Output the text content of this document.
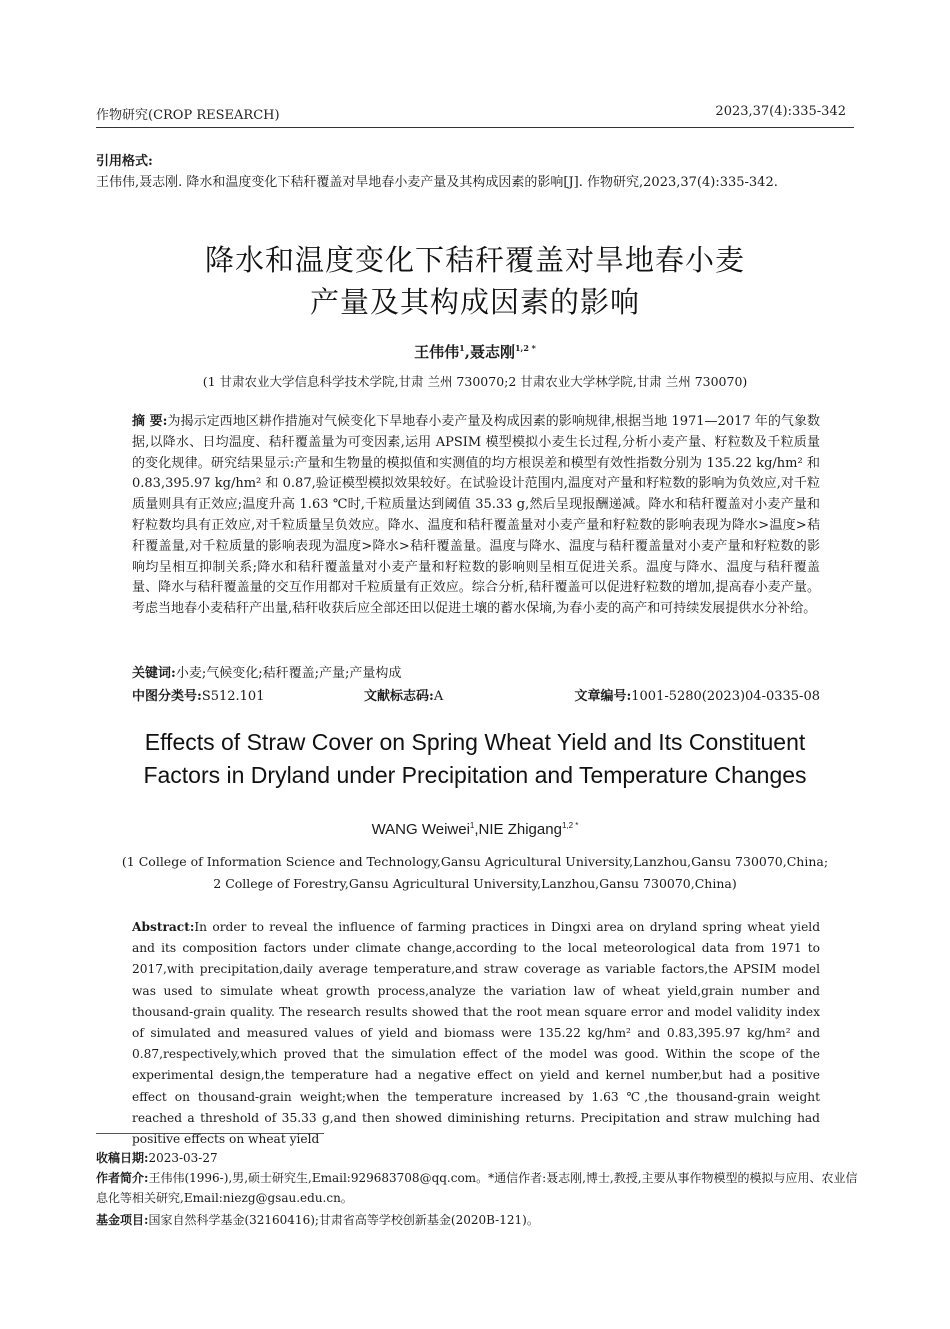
作物研究(CROP RESEARCH)	2023,37(4):335-342
引用格式:
王伟伟,聂志刚. 降水和温度变化下秸秆覆盖对旱地春小麦产量及其构成因素的影响[J]. 作物研究,2023,37(4):335-342.
降水和温度变化下秸秆覆盖对旱地春小麦
产量及其构成因素的影响
王伟伟$^1$,聂志刚$^{1,2 *}$
(1 甘肃农业大学信息科学技术学院,甘肃 兰州 730070;2 甘肃农业大学林学院,甘肃 兰州 730070)
摘 要:为揭示定西地区耕作措施对气候变化下旱地春小麦产量及构成因素的影响规律,根据当地 1971—2017 年的气象数据,以降水、日均温度、秸秆覆盖量为可变因素,运用 APSIM 模型模拟小麦生长过程,分析小麦产量、籽粒数及千粒质量的变化规律。研究结果显示:产量和生物量的模拟值和实测值的均方根误差和模型有效性指数分别为 135.22 kg/hm² 和 0.83,395.97 kg/hm² 和 0.87,验证模型模拟效果较好。在试验设计范围内,温度对产量和籽粒数的影响为负效应,对千粒质量则具有正效应;温度升高 1.63 ℃时,千粒质量达到阈值 35.33 g,然后呈现报酬递减。降水和秸秆覆盖对小麦产量和籽粒数均具有正效应,对千粒质量呈负效应。降水、温度和秸秆覆盖量对小麦产量和籽粒数的影响表现为降水>温度>秸秆覆盖量,对千粒质量的影响表现为温度>降水>秸秆覆盖量。温度与降水、温度与秸秆覆盖量对小麦产量和籽粒数的影响均呈相互抑制关系;降水和秸秆覆盖量对小麦产量和籽粒数的影响则呈相互促进关系。温度与降水、温度与秸秆覆盖量、降水与秸秆覆盖量的交互作用都对千粒质量有正效应。综合分析,秸秆覆盖可以促进籽粒数的增加,提高春小麦产量。考虑当地春小麦秸秆产出量,秸秆收获后应全部还田以促进土壤的蓄水保墒,为春小麦的高产和可持续发展提供水分补给。
关键词:小麦;气候变化;秸秆覆盖;产量;产量构成
中图分类号:S512.101	文献标志码:A	文章编号:1001-5280(2023)04-0335-08
Effects of Straw Cover on Spring Wheat Yield and Its Constituent
Factors in Dryland under Precipitation and Temperature Changes
WANG Weiwei$^1$,NIE Zhigang$^{1,2 *}$
(1 College of Information Science and Technology,Gansu Agricultural University,Lanzhou,Gansu 730070,China;
2 College of Forestry,Gansu Agricultural University,Lanzhou,Gansu 730070,China)
Abstract:In order to reveal the influence of farming practices in Dingxi area on dryland spring wheat yield and its composition factors under climate change,according to the local meteorological data from 1971 to 2017,with precipitation,daily average temperature,and straw coverage as variable factors,the APSIM model was used to simulate wheat growth process,analyze the variation law of wheat yield,grain number and thousand-grain quality. The research results showed that the root mean square error and model validity index of simulated and measured values of yield and biomass were 135.22 kg/hm² and 0.83,395.97 kg/hm² and 0.87,respectively,which proved that the simulation effect of the model was good. Within the scope of the experimental design,the temperature had a negative effect on yield and kernel number,but had a positive effect on thousand-grain weight;when the temperature increased by 1.63 ℃,the thousand-grain weight reached a threshold of 35.33 g,and then showed diminishing returns. Precipitation and straw mulching had positive effects on wheat yield
收稿日期:2023-03-27
作者简介:王伟伟(1996-),男,硕士研究生,Email:929683708@qq.com。*通信作者:聂志刚,博士,教授,主要从事作物模型的模拟与应用、农业信息化等相关研究,Email:niezg@gsau.edu.cn。
基金项目:国家自然科学基金(32160416);甘肃省高等学校创新基金(2020B-121)。
